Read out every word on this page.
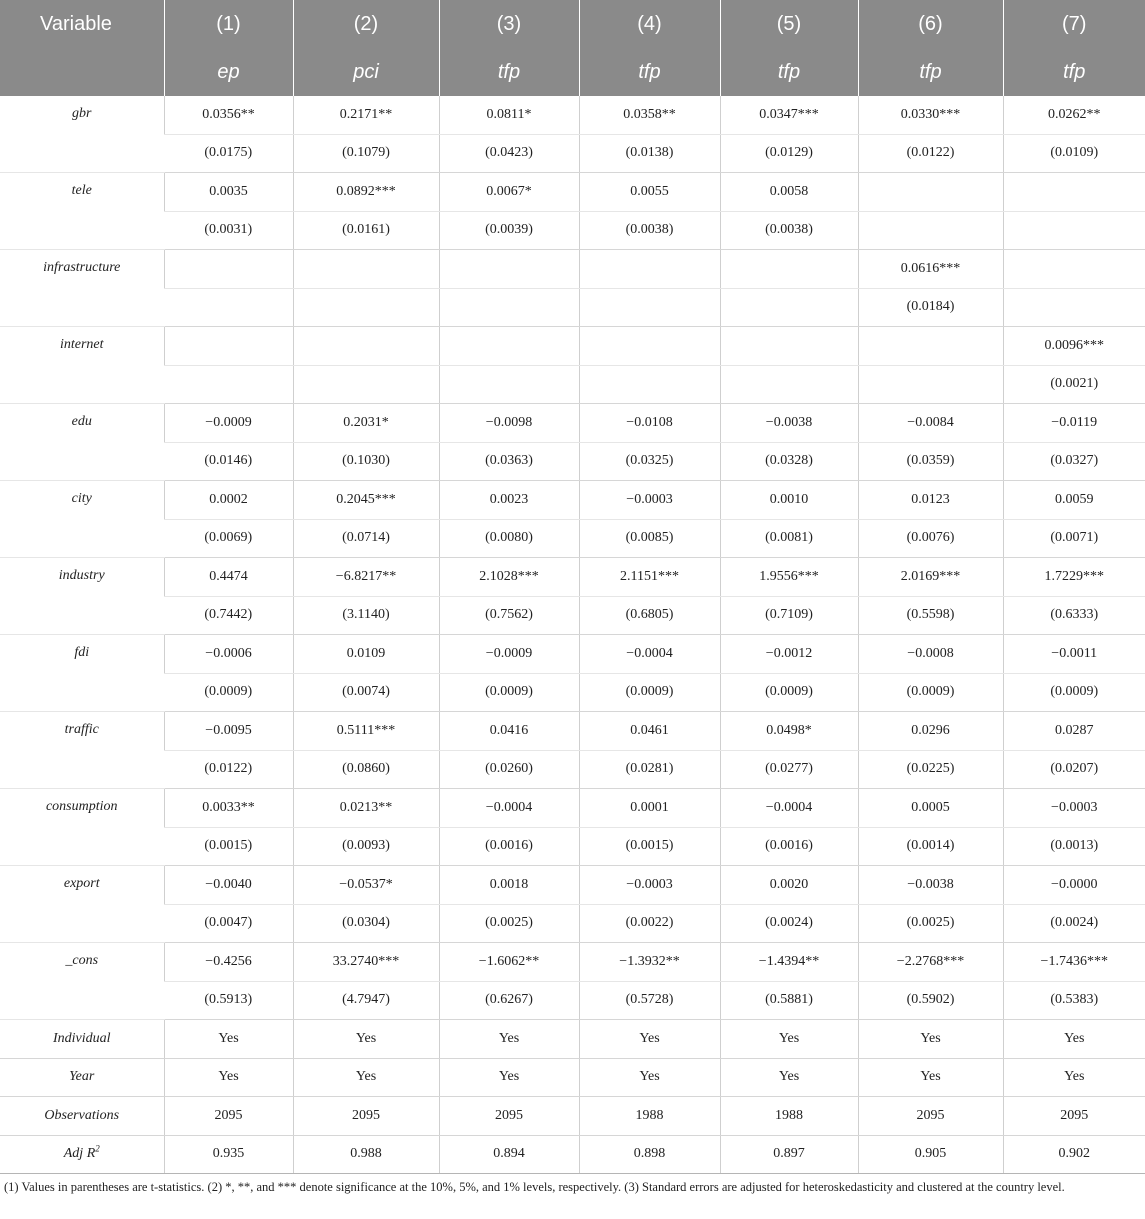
Variable	(1)	(2)	(3)	(4)	(5)	(6)	(7)
	ep	pci	tfp	tfp	tfp	tfp	tfp
gbr	0.0356**	0.2171**	0.0811*	0.0358**	0.0347***	0.0330***	0.0262**
	(0.0175)	(0.1079)	(0.0423)	(0.0138)	(0.0129)	(0.0122)	(0.0109)
tele	0.0035	0.0892***	0.0067*	0.0055	0.0058		
	(0.0031)	(0.0161)	(0.0039)	(0.0038)	(0.0038)		
infrastructure						0.0616***	
						(0.0184)	
internet							0.0096***
							(0.0021)
edu	−0.0009	0.2031*	−0.0098	−0.0108	−0.0038	−0.0084	−0.0119
	(0.0146)	(0.1030)	(0.0363)	(0.0325)	(0.0328)	(0.0359)	(0.0327)
city	0.0002	0.2045***	0.0023	−0.0003	0.0010	0.0123	0.0059
	(0.0069)	(0.0714)	(0.0080)	(0.0085)	(0.0081)	(0.0076)	(0.0071)
industry	0.4474	−6.8217**	2.1028***	2.1151***	1.9556***	2.0169***	1.7229***
	(0.7442)	(3.1140)	(0.7562)	(0.6805)	(0.7109)	(0.5598)	(0.6333)
fdi	−0.0006	0.0109	−0.0009	−0.0004	−0.0012	−0.0008	−0.0011
	(0.0009)	(0.0074)	(0.0009)	(0.0009)	(0.0009)	(0.0009)	(0.0009)
traffic	−0.0095	0.5111***	0.0416	0.0461	0.0498*	0.0296	0.0287
	(0.0122)	(0.0860)	(0.0260)	(0.0281)	(0.0277)	(0.0225)	(0.0207)
consumption	0.0033**	0.0213**	−0.0004	0.0001	−0.0004	0.0005	−0.0003
	(0.0015)	(0.0093)	(0.0016)	(0.0015)	(0.0016)	(0.0014)	(0.0013)
export	−0.0040	−0.0537*	0.0018	−0.0003	0.0020	−0.0038	−0.0000
	(0.0047)	(0.0304)	(0.0025)	(0.0022)	(0.0024)	(0.0025)	(0.0024)
_cons	−0.4256	33.2740***	−1.6062**	−1.3932**	−1.4394**	−2.2768***	−1.7436***
	(0.5913)	(4.7947)	(0.6267)	(0.5728)	(0.5881)	(0.5902)	(0.5383)
Individual	Yes	Yes	Yes	Yes	Yes	Yes	Yes
Year	Yes	Yes	Yes	Yes	Yes	Yes	Yes
Observations	2095	2095	2095	1988	1988	2095	2095
Adj $R^2$	0.935	0.988	0.894	0.898	0.897	0.905	0.902
(1) Values in parentheses are t-statistics. (2) *, **, and *** denote significance at the 10%, 5%, and 1% levels, respectively. (3) Standard errors are adjusted for heteroskedasticity and clustered at the country level.
